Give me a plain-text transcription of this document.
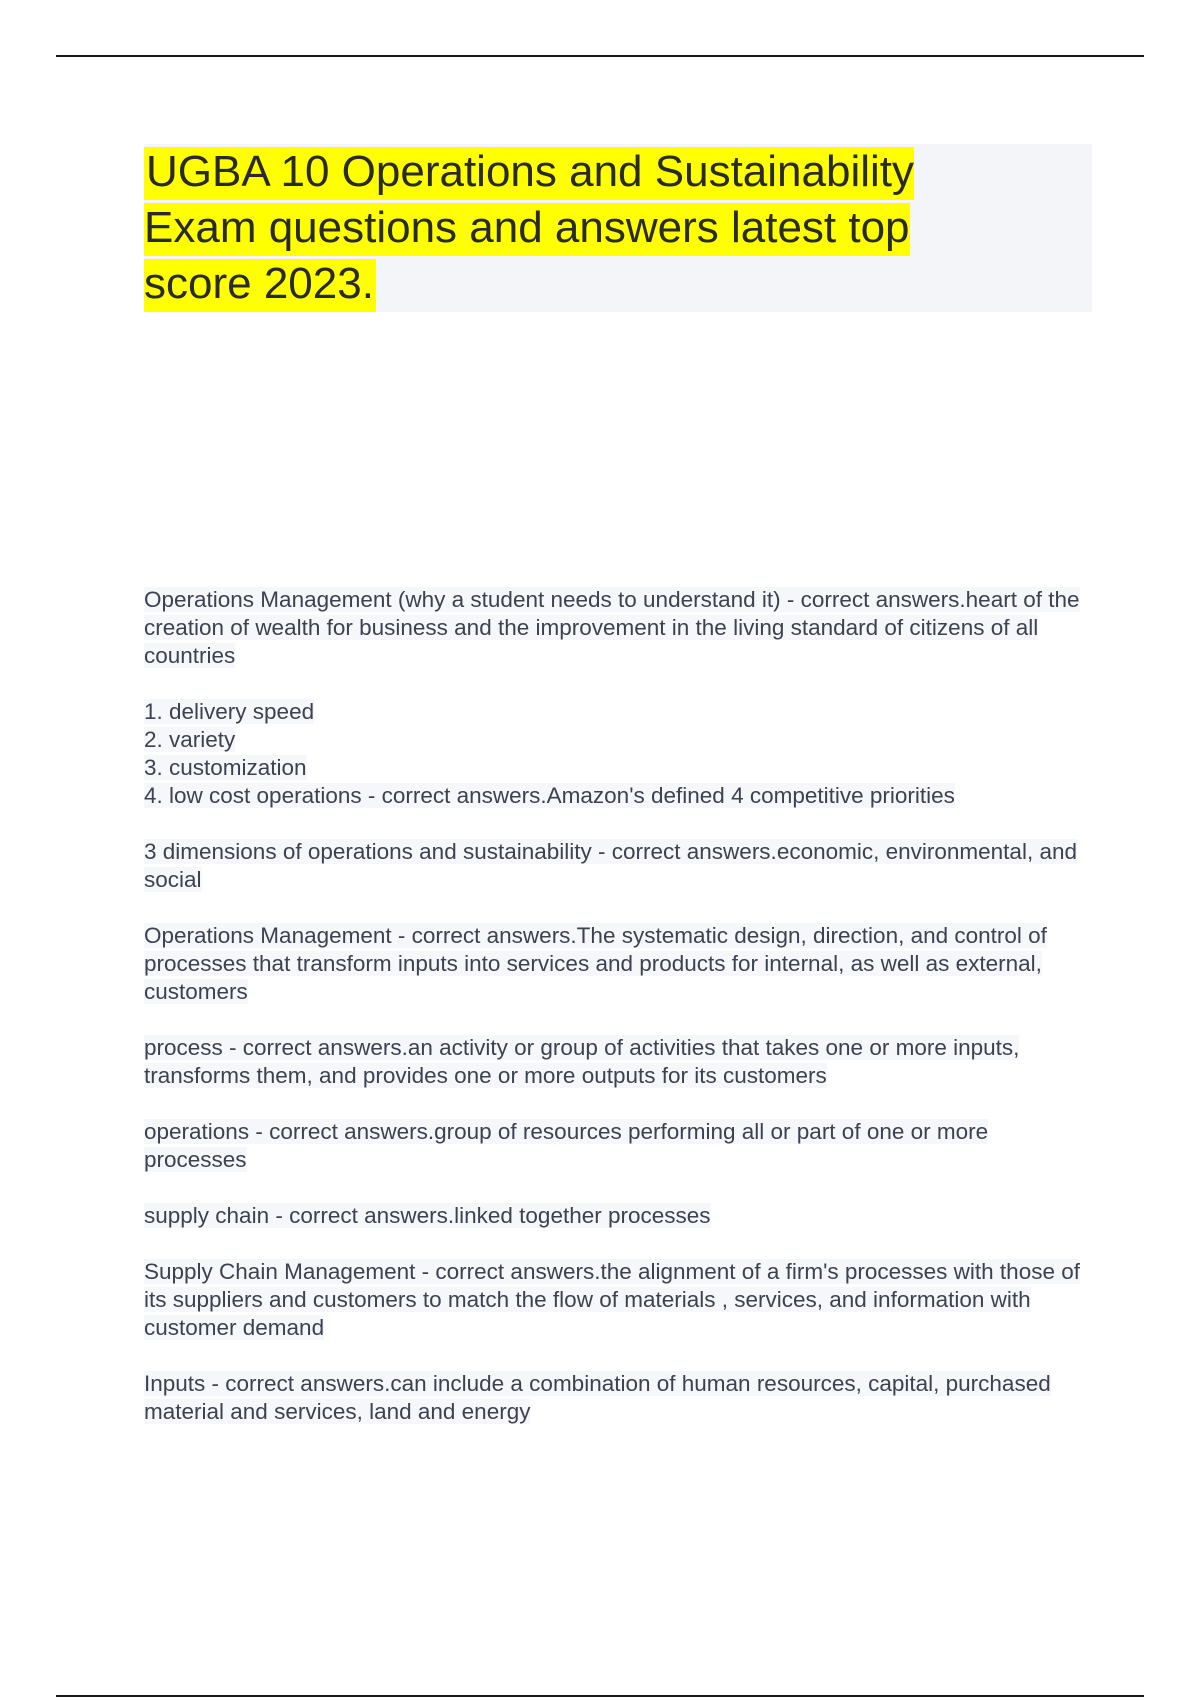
UGBA 10 Operations and Sustainability Exam questions and answers latest top score 2023.

Operations Management (why a student needs to understand it) - correct answers.heart of the creation of wealth for business and the improvement in the living standard of citizens of all countries

1. delivery speed
2. variety
3. customization
4. low cost operations - correct answers.Amazon's defined 4 competitive priorities

3 dimensions of operations and sustainability - correct answers.economic, environmental, and social

Operations Management - correct answers.The systematic design, direction, and control of processes that transform inputs into services and products for internal, as well as external, customers

process - correct answers.an activity or group of activities that takes one or more inputs, transforms them, and provides one or more outputs for its customers

operations - correct answers.group of resources performing all or part of one or more processes

supply chain - correct answers.linked together processes

Supply Chain Management - correct answers.the alignment of a firm's processes with those of its suppliers and customers to match the flow of materials , services, and information with customer demand

Inputs - correct answers.can include a combination of human resources, capital, purchased material and services, land and energy
